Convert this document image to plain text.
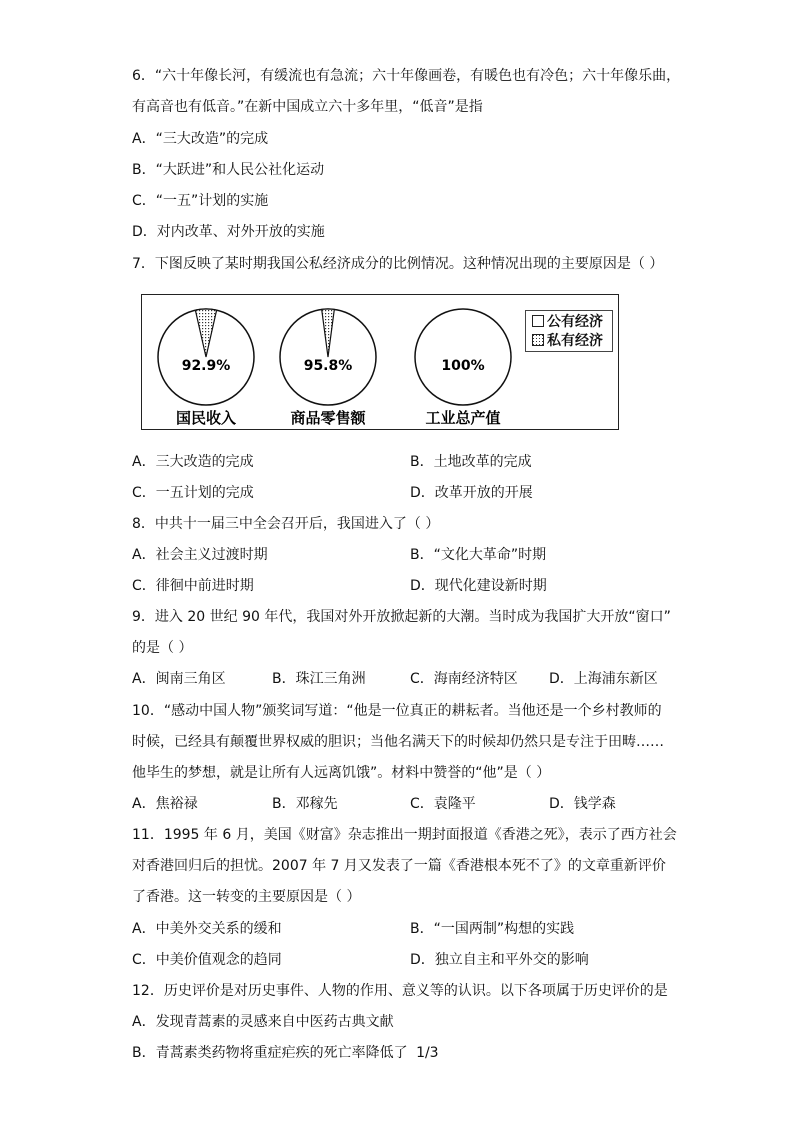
6．“六十年像长河，有缓流也有急流；六十年像画卷，有暖色也有冷色；六十年像乐曲，
有高音也有低音。”在新中国成立六十多年里，“低音”是指
A．“三大改造”的完成
B．“大跃进”和人民公社化运动
C．“一五”计划的实施
D．对内改革、对外开放的实施
7．下图反映了某时期我国公私经济成分的比例情况。这种情况出现的主要原因是（ ）
92.9%
国民收入
95.8%
商品零售额
100%
工业总产值
公有经济
私有经济
A．三大改造的完成	B．土地改革的完成
C．一五计划的完成	D．改革开放的开展
8．中共十一届三中全会召开后，我国进入了（ ）
A．社会主义过渡时期	B．“文化大革命”时期
C．徘徊中前进时期	D．现代化建设新时期
9．进入 20 世纪 90 年代，我国对外开放掀起新的大潮。当时成为我国扩大开放“窗口”
的是（ ）
A．闽南三角区	B．珠江三角洲	C．海南经济特区 D．上海浦东新区
10．“感动中国人物”颁奖词写道：“他是一位真正的耕耘者。当他还是一个乡村教师的
时候，已经具有颠覆世界权威的胆识；当他名满天下的时候却仍然只是专注于田畴……
他毕生的梦想，就是让所有人远离饥饿”。材料中赞誉的“他”是（ ）
A．焦裕禄	B．邓稼先	C．袁隆平	D．钱学森
11．1995 年 6 月，美国《财富》杂志推出一期封面报道《香港之死》，表示了西方社会
对香港回归后的担忧。2007 年 7 月又发表了一篇《香港根本死不了》的文章重新评价
了香港。这一转变的主要原因是（ ）
A．中美外交关系的缓和	B．“一国两制”构想的实践
C．中美价值观念的趋同	D．独立自主和平外交的影响
12．历史评价是对历史事件、人物的作用、意义等的认识。以下各项属于历史评价的是
A．发现青蒿素的灵感来自中医药古典文献
B．青蒿素类药物将重症疟疾的死亡率降低了 1/3
